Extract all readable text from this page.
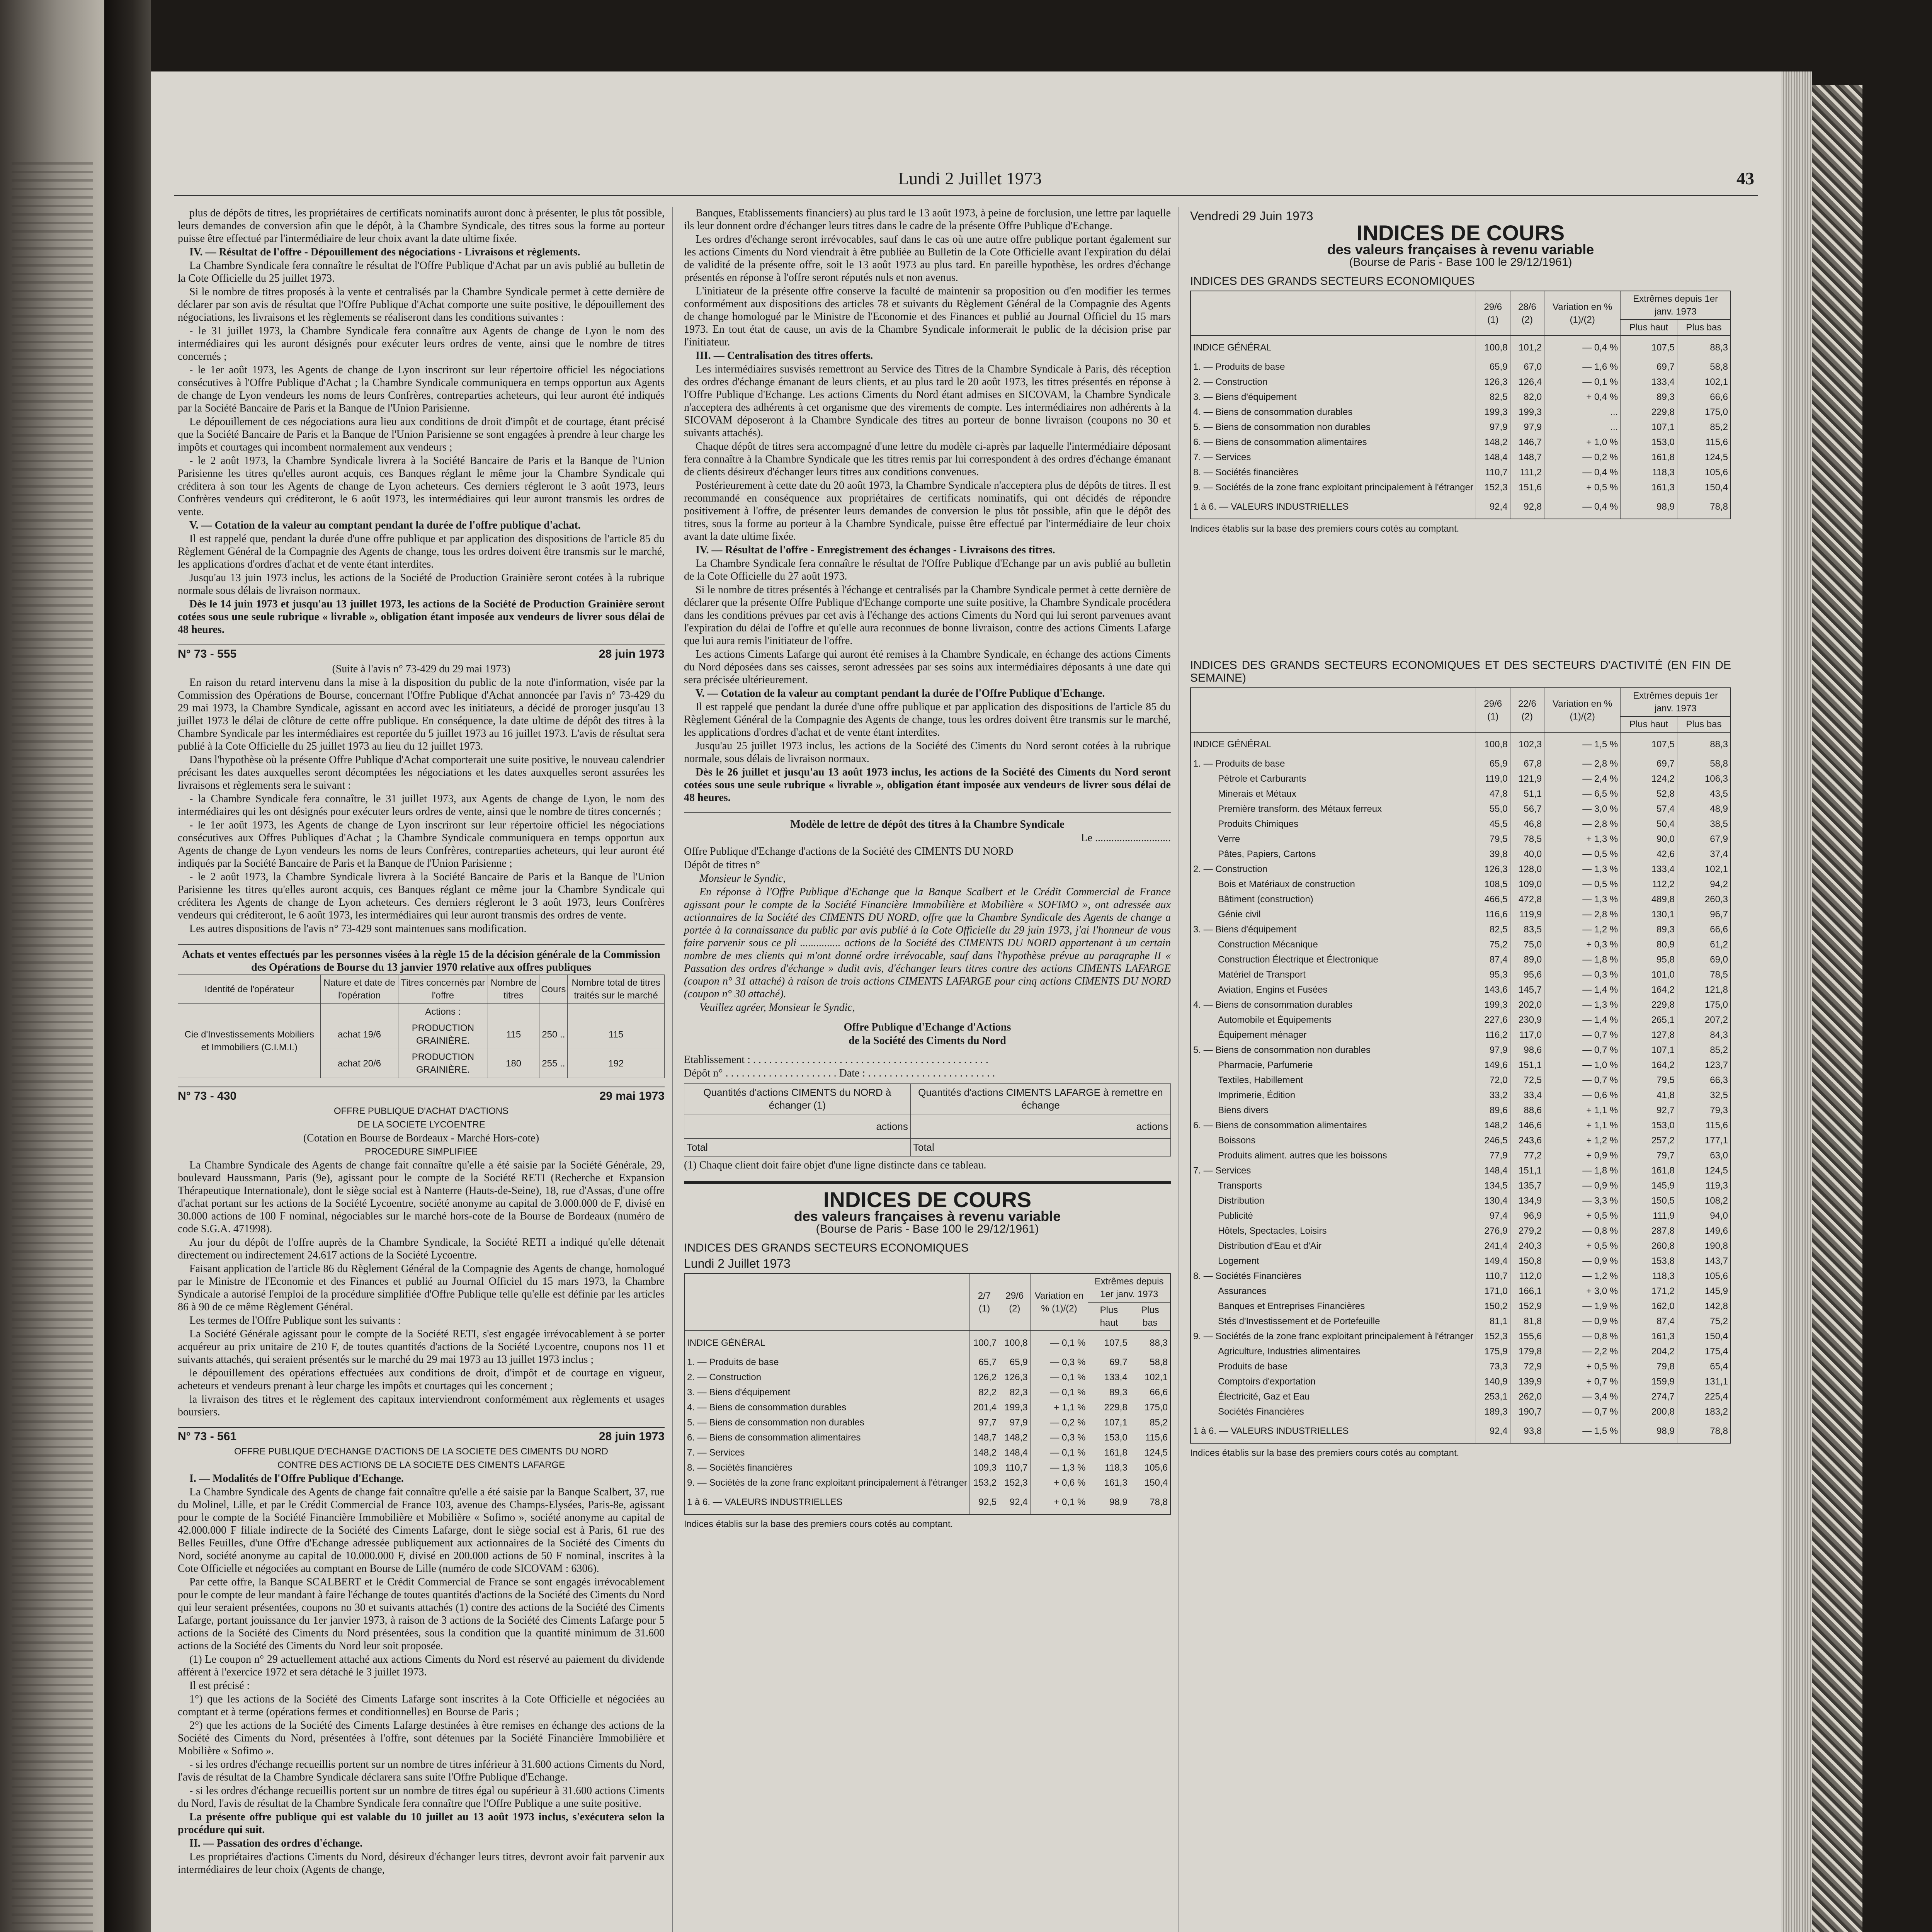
Lundi 2 Juillet 1973	43

plus de dépôts de titres, les propriétaires de certificats nominatifs auront donc à présenter, le plus tôt possible, leurs demandes de conversion afin que le dépôt, à la Chambre Syndicale, des titres sous la forme au porteur puisse être effectué par l'intermédiaire de leur choix avant la date ultime fixée.

IV. — Résultat de l'offre - Dépouillement des négociations - Livraisons et règlements.

La Chambre Syndicale fera connaître le résultat de l'Offre Publique d'Achat par un avis publié au bulletin de la Cote Officielle du 25 juillet 1973.

Si le nombre de titres proposés à la vente et centralisés par la Chambre Syndicale permet à cette dernière de déclarer par son avis de résultat que l'Offre Publique d'Achat comporte une suite positive, le dépouillement des négociations, les livraisons et les règlements se réaliseront dans les conditions suivantes :

- le 31 juillet 1973, la Chambre Syndicale fera connaître aux Agents de change de Lyon le nom des intermédiaires qui les auront désignés pour exécuter leurs ordres de vente, ainsi que le nombre de titres concernés ;

- le 1er août 1973, les Agents de change de Lyon inscriront sur leur répertoire officiel les négociations consécutives à l'Offre Publique d'Achat ; la Chambre Syndicale communiquera en temps opportun aux Agents de change de Lyon vendeurs les noms de leurs Confrères, contreparties acheteurs, qui leur auront été indiqués par la Société Bancaire de Paris et la Banque de l'Union Parisienne.

Le dépouillement de ces négociations aura lieu aux conditions de droit d'impôt et de courtage, étant précisé que la Société Bancaire de Paris et la Banque de l'Union Parisienne se sont engagées à prendre à leur charge les impôts et courtages qui incombent normalement aux vendeurs ;

- le 2 août 1973, la Chambre Syndicale livrera à la Société Bancaire de Paris et la Banque de l'Union Parisienne les titres qu'elles auront acquis, ces Banques réglant le même jour la Chambre Syndicale qui créditera à son tour les Agents de change de Lyon acheteurs. Ces derniers régleront le 3 août 1973, leurs Confrères vendeurs qui créditeront, le 6 août 1973, les intermédiaires qui leur auront transmis les ordres de vente.

V. — Cotation de la valeur au comptant pendant la durée de l'offre publique d'achat.

Il est rappelé que, pendant la durée d'une offre publique et par application des dispositions de l'article 85 du Règlement Général de la Compagnie des Agents de change, tous les ordres doivent être transmis sur le marché, les applications d'ordres d'achat et de vente étant interdites.

Jusqu'au 13 juin 1973 inclus, les actions de la Société de Production Grainière seront cotées à la rubrique normale sous délais de livraison normaux.

Dès le 14 juin 1973 et jusqu'au 13 juillet 1973, les actions de la Société de Production Grainière seront cotées sous une seule rubrique « livrable », obligation étant imposée aux vendeurs de livrer sous délai de 48 heures.

N° 73 - 555	28 juin 1973

(Suite à l'avis n° 73-429 du 29 mai 1973)

En raison du retard intervenu dans la mise à la disposition du public de la note d'information, visée par la Commission des Opérations de Bourse, concernant l'Offre Publique d'Achat annoncée par l'avis n° 73-429 du 29 mai 1973, la Chambre Syndicale, agissant en accord avec les initiateurs, a décidé de proroger jusqu'au 13 juillet 1973 le délai de clôture de cette offre publique. En conséquence, la date ultime de dépôt des titres à la Chambre Syndicale par les intermédiaires est reportée du 5 juillet 1973 au 16 juillet 1973. L'avis de résultat sera publié à la Cote Officielle du 25 juillet 1973 au lieu du 12 juillet 1973.

Dans l'hypothèse où la présente Offre Publique d'Achat comporterait une suite positive, le nouveau calendrier précisant les dates auxquelles seront décomptées les négociations et les dates auxquelles seront assurées les livraisons et règlements sera le suivant :

- la Chambre Syndicale fera connaître, le 31 juillet 1973, aux Agents de change de Lyon, le nom des intermédiaires qui les ont désignés pour exécuter leurs ordres de vente, ainsi que le nombre de titres concernés ;

- le 1er août 1973, les Agents de change de Lyon inscriront sur leur répertoire officiel les négociations consécutives aux Offres Publiques d'Achat ; la Chambre Syndicale communiquera en temps opportun aux Agents de change de Lyon vendeurs les noms de leurs Confrères, contreparties acheteurs, qui leur auront été indiqués par la Société Bancaire de Paris et la Banque de l'Union Parisienne ;

- le 2 août 1973, la Chambre Syndicale livrera à la Société Bancaire de Paris et la Banque de l'Union Parisienne les titres qu'elles auront acquis, ces Banques réglant ce même jour la Chambre Syndicale qui créditera les Agents de change de Lyon acheteurs. Ces derniers régleront le 3 août 1973, leurs Confrères vendeurs qui créditeront, le 6 août 1973, les intermédiaires qui leur auront transmis des ordres de vente.

Les autres dispositions de l'avis n° 73-429 sont maintenues sans modification.

Achats et ventes effectués par les personnes visées à la règle 15 de la décision générale de la Commission des Opérations de Bourse du 13 janvier 1970 relative aux offres publiques

Identité de l'opérateur	Nature et date de l'opération	Titres concernés par l'offre	Nombre de titres	Cours	Nombre total de titres traités sur le marché
Cie d'Investissements Mobiliers et Immobiliers (C.I.M.I.)		Actions :			
	achat 19/6	PRODUCTION GRAINIÈRE.	115	250 ..	115
	achat 20/6	PRODUCTION GRAINIÈRE.	180	255 ..	192
N° 73 - 430	29 mai 1973

OFFRE PUBLIQUE D'ACHAT D'ACTIONS

DE LA SOCIETE LYCOENTRE

(Cotation en Bourse de Bordeaux - Marché Hors-cote)

PROCEDURE SIMPLIFIEE

La Chambre Syndicale des Agents de change fait connaître qu'elle a été saisie par la Société Générale, 29, boulevard Haussmann, Paris (9e), agissant pour le compte de la Société RETI (Recherche et Expansion Thérapeutique Internationale), dont le siège social est à Nanterre (Hauts-de-Seine), 18, rue d'Assas, d'une offre d'achat portant sur les actions de la Société Lycoentre, société anonyme au capital de 3.000.000 de F, divisé en 30.000 actions de 100 F nominal, négociables sur le marché hors-cote de la Bourse de Bordeaux (numéro de code S.G.A. 471998).

Au jour du dépôt de l'offre auprès de la Chambre Syndicale, la Société RETI a indiqué qu'elle détenait directement ou indirectement 24.617 actions de la Société Lycoentre.

Faisant application de l'article 86 du Règlement Général de la Compagnie des Agents de change, homologué par le Ministre de l'Economie et des Finances et publié au Journal Officiel du 15 mars 1973, la Chambre Syndicale a autorisé l'emploi de la procédure simplifiée d'Offre Publique telle qu'elle est définie par les articles 86 à 90 de ce même Règlement Général.

Les termes de l'Offre Publique sont les suivants :

La Société Générale agissant pour le compte de la Société RETI, s'est engagée irrévocablement à se porter acquéreur au prix unitaire de 210 F, de toutes quantités d'actions de la Société Lycoentre, coupons nos 11 et suivants attachés, qui seraient présentés sur le marché du 29 mai 1973 au 13 juillet 1973 inclus ;

le dépouillement des opérations effectuées aux conditions de droit, d'impôt et de courtage en vigueur, acheteurs et vendeurs prenant à leur charge les impôts et courtages qui les concernent ;

la livraison des titres et le règlement des capitaux interviendront conformément aux règlements et usages boursiers.

N° 73 - 561	28 juin 1973

OFFRE PUBLIQUE D'ECHANGE D'ACTIONS DE LA SOCIETE DES CIMENTS DU NORD

CONTRE DES ACTIONS DE LA SOCIETE DES CIMENTS LAFARGE

I. — Modalités de l'Offre Publique d'Echange.

La Chambre Syndicale des Agents de change fait connaître qu'elle a été saisie par la Banque Scalbert, 37, rue du Molinel, Lille, et par le Crédit Commercial de France 103, avenue des Champs-Elysées, Paris-8e, agissant pour le compte de la Société Financière Immobilière et Mobilière « Sofimo », société anonyme au capital de 42.000.000 F filiale indirecte de la Société des Ciments Lafarge, dont le siège social est à Paris, 61 rue des Belles Feuilles, d'une Offre d'Echange adressée publiquement aux actionnaires de la Société des Ciments du Nord, société anonyme au capital de 10.000.000 F, divisé en 200.000 actions de 50 F nominal, inscrites à la Cote Officielle et négociées au comptant en Bourse de Lille (numéro de code SICOVAM : 6306).

Par cette offre, la Banque SCALBERT et le Crédit Commercial de France se sont engagés irrévocablement pour le compte de leur mandant à faire l'échange de toutes quantités d'actions de la Société des Ciments du Nord qui leur seraient présentées, coupons no 30 et suivants attachés (1) contre des actions de la Société des Ciments Lafarge, portant jouissance du 1er janvier 1973, à raison de 3 actions de la Société des Ciments Lafarge pour 5 actions de la Société des Ciments du Nord présentées, sous la condition que la quantité minimum de 31.600 actions de la Société des Ciments du Nord leur soit proposée.

(1) Le coupon n° 29 actuellement attaché aux actions Ciments du Nord est réservé au paiement du dividende afférent à l'exercice 1972 et sera détaché le 3 juillet 1973.

Il est précisé :

1°) que les actions de la Société des Ciments Lafarge sont inscrites à la Cote Officielle et négociées au comptant et à terme (opérations fermes et conditionnelles) en Bourse de Paris ;

2°) que les actions de la Société des Ciments Lafarge destinées à être remises en échange des actions de la Société des Ciments du Nord, présentées à l'offre, sont détenues par la Société Financière Immobilière et Mobilière « Sofimo ».

- si les ordres d'échange recueillis portent sur un nombre de titres inférieur à 31.600 actions Ciments du Nord, l'avis de résultat de la Chambre Syndicale déclarera sans suite l'Offre Publique d'Echange.

- si les ordres d'échange recueillis portent sur un nombre de titres égal ou supérieur à 31.600 actions Ciments du Nord, l'avis de résultat de la Chambre Syndicale fera connaître que l'Offre Publique a une suite positive.

La présente offre publique qui est valable du 10 juillet au 13 août 1973 inclus, s'exécutera selon la procédure qui suit.

II. — Passation des ordres d'échange.

Les propriétaires d'actions Ciments du Nord, désireux d'échanger leurs titres, devront avoir fait parvenir aux intermédiaires de leur choix (Agents de change,

Banques, Etablissements financiers) au plus tard le 13 août 1973, à peine de forclusion, une lettre par laquelle ils leur donnent ordre d'échanger leurs titres dans le cadre de la présente Offre Publique d'Echange.

Les ordres d'échange seront irrévocables, sauf dans le cas où une autre offre publique portant également sur les actions Ciments du Nord viendrait à être publiée au Bulletin de la Cote Officielle avant l'expiration du délai de validité de la présente offre, soit le 13 août 1973 au plus tard. En pareille hypothèse, les ordres d'échange présentés en réponse à l'offre seront réputés nuls et non avenus.

L'initiateur de la présente offre conserve la faculté de maintenir sa proposition ou d'en modifier les termes conformément aux dispositions des articles 78 et suivants du Règlement Général de la Compagnie des Agents de change homologué par le Ministre de l'Economie et des Finances et publié au Journal Officiel du 15 mars 1973. En tout état de cause, un avis de la Chambre Syndicale informerait le public de la décision prise par l'initiateur.

III. — Centralisation des titres offerts.

Les intermédiaires susvisés remettront au Service des Titres de la Chambre Syndicale à Paris, dès réception des ordres d'échange émanant de leurs clients, et au plus tard le 20 août 1973, les titres présentés en réponse à l'Offre Publique d'Echange. Les actions Ciments du Nord étant admises en SICOVAM, la Chambre Syndicale n'acceptera des adhérents à cet organisme que des virements de compte. Les intermédiaires non adhérents à la SICOVAM déposeront à la Chambre Syndicale des titres au porteur de bonne livraison (coupons no 30 et suivants attachés).

Chaque dépôt de titres sera accompagné d'une lettre du modèle ci-après par laquelle l'intermédiaire déposant fera connaître à la Chambre Syndicale que les titres remis par lui correspondent à des ordres d'échange émanant de clients désireux d'échanger leurs titres aux conditions convenues.

Postérieurement à cette date du 20 août 1973, la Chambre Syndicale n'acceptera plus de dépôts de titres. Il est recommandé en conséquence aux propriétaires de certificats nominatifs, qui ont décidés de répondre positivement à l'offre, de présenter leurs demandes de conversion le plus tôt possible, afin que le dépôt des titres, sous la forme au porteur à la Chambre Syndicale, puisse être effectué par l'intermédiaire de leur choix avant la date ultime fixée.

IV. — Résultat de l'offre - Enregistrement des échanges - Livraisons des titres.

La Chambre Syndicale fera connaître le résultat de l'Offre Publique d'Echange par un avis publié au bulletin de la Cote Officielle du 27 août 1973.

Si le nombre de titres présentés à l'échange et centralisés par la Chambre Syndicale permet à cette dernière de déclarer que la présente Offre Publique d'Echange comporte une suite positive, la Chambre Syndicale procédera dans les conditions prévues par cet avis à l'échange des actions Ciments du Nord qui lui seront parvenues avant l'expiration du délai de l'offre et qu'elle aura reconnues de bonne livraison, contre des actions Ciments Lafarge que lui aura remis l'initiateur de l'offre.

Les actions Ciments Lafarge qui auront été remises à la Chambre Syndicale, en échange des actions Ciments du Nord déposées dans ses caisses, seront adressées par ses soins aux intermédiaires déposants à une date qui sera précisée ultérieurement.

V. — Cotation de la valeur au comptant pendant la durée de l'Offre Publique d'Echange.

Il est rappelé que pendant la durée d'une offre publique et par application des dispositions de l'article 85 du Règlement Général de la Compagnie des Agents de change, tous les ordres doivent être transmis sur le marché, les applications d'ordres d'achat et de vente étant interdites.

Jusqu'au 25 juillet 1973 inclus, les actions de la Société des Ciments du Nord seront cotées à la rubrique normale, sous délais de livraison normaux.

Dès le 26 juillet et jusqu'au 13 août 1973 inclus, les actions de la Société des Ciments du Nord seront cotées sous une seule rubrique « livrable », obligation étant imposée aux vendeurs de livrer sous délai de 48 heures.

Modèle de lettre de dépôt des titres à la Chambre Syndicale

Le ............................

Offre Publique d'Echange d'actions de la Société des CIMENTS DU NORD

Dépôt de titres n°

Monsieur le Syndic,

En réponse à l'Offre Publique d'Echange que la Banque Scalbert et le Crédit Commercial de France agissant pour le compte de la Société Financière Immobilière et Mobilière « SOFIMO », ont adressée aux actionnaires de la Société des CIMENTS DU NORD, offre que la Chambre Syndicale des Agents de change a portée à la connaissance du public par avis publié à la Cote Officielle du 29 juin 1973, j'ai l'honneur de vous faire parvenir sous ce pli ............... actions de la Société des CIMENTS DU NORD appartenant à un certain nombre de mes clients qui m'ont donné ordre irrévocable, sauf dans l'hypothèse prévue au paragraphe II « Passation des ordres d'échange » dudit avis, d'échanger leurs titres contre des actions CIMENTS LAFARGE (coupon n° 31 attaché) à raison de trois actions CIMENTS LAFARGE pour cinq actions CIMENTS DU NORD (coupon n° 30 attaché).

Veuillez agréer, Monsieur le Syndic,

Offre Publique d'Echange d'Actions

de la Société des Ciments du Nord

Etablissement : . . . . . . . . . . . . . . . . . . . . . . . . . . . . . . . . . . . . . . . . . . . .

Dépôt n° . . . . . . . . . . . . . . . . . . . . . Date : . . . . . . . . . . . . . . . . . . . . . . . .

Quantités d'actions CIMENTS du NORD à échanger (1)	Quantités d'actions CIMENTS LAFARGE à remettre en échange
actions	actions
Total	Total

(1) Chaque client doit faire objet d'une ligne distincte dans ce tableau.

INDICES DE COURS
des valeurs françaises à revenu variable
(Bourse de Paris - Base 100 le 29/12/1961)
INDICES DES GRANDS SECTEURS ECONOMIQUES
Lundi 2 Juillet 1973
	2/7 (1)	29/6 (2)	Variation en % (1)/(2)	Extrêmes depuis 1er janv. 1973	
				Plus haut	Plus bas
INDICE GÉNÉRAL	100,7	100,8	— 0,1 %	107,5	88,3
1. — Produits de base	65,7	65,9	— 0,3 %	69,7	58,8
2. — Construction	126,2	126,3	— 0,1 %	133,4	102,1
3. — Biens d'équipement	82,2	82,3	— 0,1 %	89,3	66,6
4. — Biens de consommation durables	201,4	199,3	+ 1,1 %	229,8	175,0
5. — Biens de consommation non durables	97,7	97,9	— 0,2 %	107,1	85,2
6. — Biens de consommation alimentaires	148,7	148,2	— 0,3 %	153,0	115,6
7. — Services	148,2	148,4	— 0,1 %	161,8	124,5
8. — Sociétés financières	109,3	110,7	— 1,3 %	118,3	105,6
9. — Sociétés de la zone franc exploitant principalement à l'étranger	153,2	152,3	+ 0,6 %	161,3	150,4
1 à 6. — VALEURS INDUSTRIELLES	92,5	92,4	+ 0,1 %	98,9	78,8
Indices établis sur la base des premiers cours cotés au comptant.
Vendredi 29 Juin 1973
INDICES DE COURS
des valeurs françaises à revenu variable
(Bourse de Paris - Base 100 le 29/12/1961)
INDICES DES GRANDS SECTEURS ECONOMIQUES
	29/6 (1)	28/6 (2)	Variation en % (1)/(2)	Extrêmes depuis 1er janv. 1973	
				Plus haut	Plus bas
INDICE GÉNÉRAL	100,8	101,2	— 0,4 %	107,5	88,3
1. — Produits de base	65,9	67,0	— 1,6 %	69,7	58,8
2. — Construction	126,3	126,4	— 0,1 %	133,4	102,1
3. — Biens d'équipement	82,5	82,0	+ 0,4 %	89,3	66,6
4. — Biens de consommation durables	199,3	199,3	...	229,8	175,0
5. — Biens de consommation non durables	97,9	97,9	...	107,1	85,2
6. — Biens de consommation alimentaires	148,2	146,7	+ 1,0 %	153,0	115,6
7. — Services	148,4	148,7	— 0,2 %	161,8	124,5
8. — Sociétés financières	110,7	111,2	— 0,4 %	118,3	105,6
9. — Sociétés de la zone franc exploitant principalement à l'étranger	152,3	151,6	+ 0,5 %	161,3	150,4
1 à 6. — VALEURS INDUSTRIELLES	92,4	92,8	— 0,4 %	98,9	78,8
Indices établis sur la base des premiers cours cotés au comptant.
INDICES DES GRANDS SECTEURS ECONOMIQUES ET DES SECTEURS D'ACTIVITÉ (EN FIN DE SEMAINE)
	29/6 (1)	22/6 (2)	Variation en % (1)/(2)	Extrêmes depuis 1er janv. 1973	
				Plus haut	Plus bas
INDICE GÉNÉRAL	100,8	102,3	— 1,5 %	107,5	88,3
1. — Produits de base	65,9	67,8	— 2,8 %	69,7	58,8
Pétrole et Carburants	119,0	121,9	— 2,4 %	124,2	106,3
Minerais et Métaux	47,8	51,1	— 6,5 %	52,8	43,5
Première transform. des Métaux ferreux	55,0	56,7	— 3,0 %	57,4	48,9
Produits Chimiques	45,5	46,8	— 2,8 %	50,4	38,5
Verre	79,5	78,5	+ 1,3 %	90,0	67,9
Pâtes, Papiers, Cartons	39,8	40,0	— 0,5 %	42,6	37,4
2. — Construction	126,3	128,0	— 1,3 %	133,4	102,1
Bois et Matériaux de construction	108,5	109,0	— 0,5 %	112,2	94,2
Bâtiment (construction)	466,5	472,8	— 1,3 %	489,8	260,3
Génie civil	116,6	119,9	— 2,8 %	130,1	96,7
3. — Biens d'équipement	82,5	83,5	— 1,2 %	89,3	66,6
Construction Mécanique	75,2	75,0	+ 0,3 %	80,9	61,2
Construction Électrique et Électronique	87,4	89,0	— 1,8 %	95,8	69,0
Matériel de Transport	95,3	95,6	— 0,3 %	101,0	78,5
Aviation, Engins et Fusées	143,6	145,7	— 1,4 %	164,2	121,8
4. — Biens de consommation durables	199,3	202,0	— 1,3 %	229,8	175,0
Automobile et Équipements	227,6	230,9	— 1,4 %	265,1	207,2
Équipement ménager	116,2	117,0	— 0,7 %	127,8	84,3
5. — Biens de consommation non durables	97,9	98,6	— 0,7 %	107,1	85,2
Pharmacie, Parfumerie	149,6	151,1	— 1,0 %	164,2	123,7
Textiles, Habillement	72,0	72,5	— 0,7 %	79,5	66,3
Imprimerie, Édition	33,2	33,4	— 0,6 %	41,8	32,5
Biens divers	89,6	88,6	+ 1,1 %	92,7	79,3
6. — Biens de consommation alimentaires	148,2	146,6	+ 1,1 %	153,0	115,6
Boissons	246,5	243,6	+ 1,2 %	257,2	177,1
Produits aliment. autres que les boissons	77,9	77,2	+ 0,9 %	79,7	63,0
7. — Services	148,4	151,1	— 1,8 %	161,8	124,5
Transports	134,5	135,7	— 0,9 %	145,9	119,3
Distribution	130,4	134,9	— 3,3 %	150,5	108,2
Publicité	97,4	96,9	+ 0,5 %	111,9	94,0
Hôtels, Spectacles, Loisirs	276,9	279,2	— 0,8 %	287,8	149,6
Distribution d'Eau et d'Air	241,4	240,3	+ 0,5 %	260,8	190,8
Logement	149,4	150,8	— 0,9 %	153,8	143,7
8. — Sociétés Financières	110,7	112,0	— 1,2 %	118,3	105,6
Assurances	171,0	166,1	+ 3,0 %	171,2	145,9
Banques et Entreprises Financières	150,2	152,9	— 1,9 %	162,0	142,8
Stés d'Investissement et de Portefeuille	81,1	81,8	— 0,9 %	87,4	75,2
9. — Sociétés de la zone franc exploitant principalement à l'étranger	152,3	155,6	— 0,8 %	161,3	150,4
Agriculture, Industries alimentaires	175,9	179,8	— 2,2 %	204,2	175,4
Produits de base	73,3	72,9	+ 0,5 %	79,8	65,4
Comptoirs d'exportation	140,9	139,9	+ 0,7 %	159,9	131,1
Électricité, Gaz et Eau	253,1	262,0	— 3,4 %	274,7	225,4
Sociétés Financières	189,3	190,7	— 0,7 %	200,8	183,2
1 à 6. — VALEURS INDUSTRIELLES	92,4	93,8	— 1,5 %	98,9	78,8
Indices établis sur la base des premiers cours cotés au comptant.
